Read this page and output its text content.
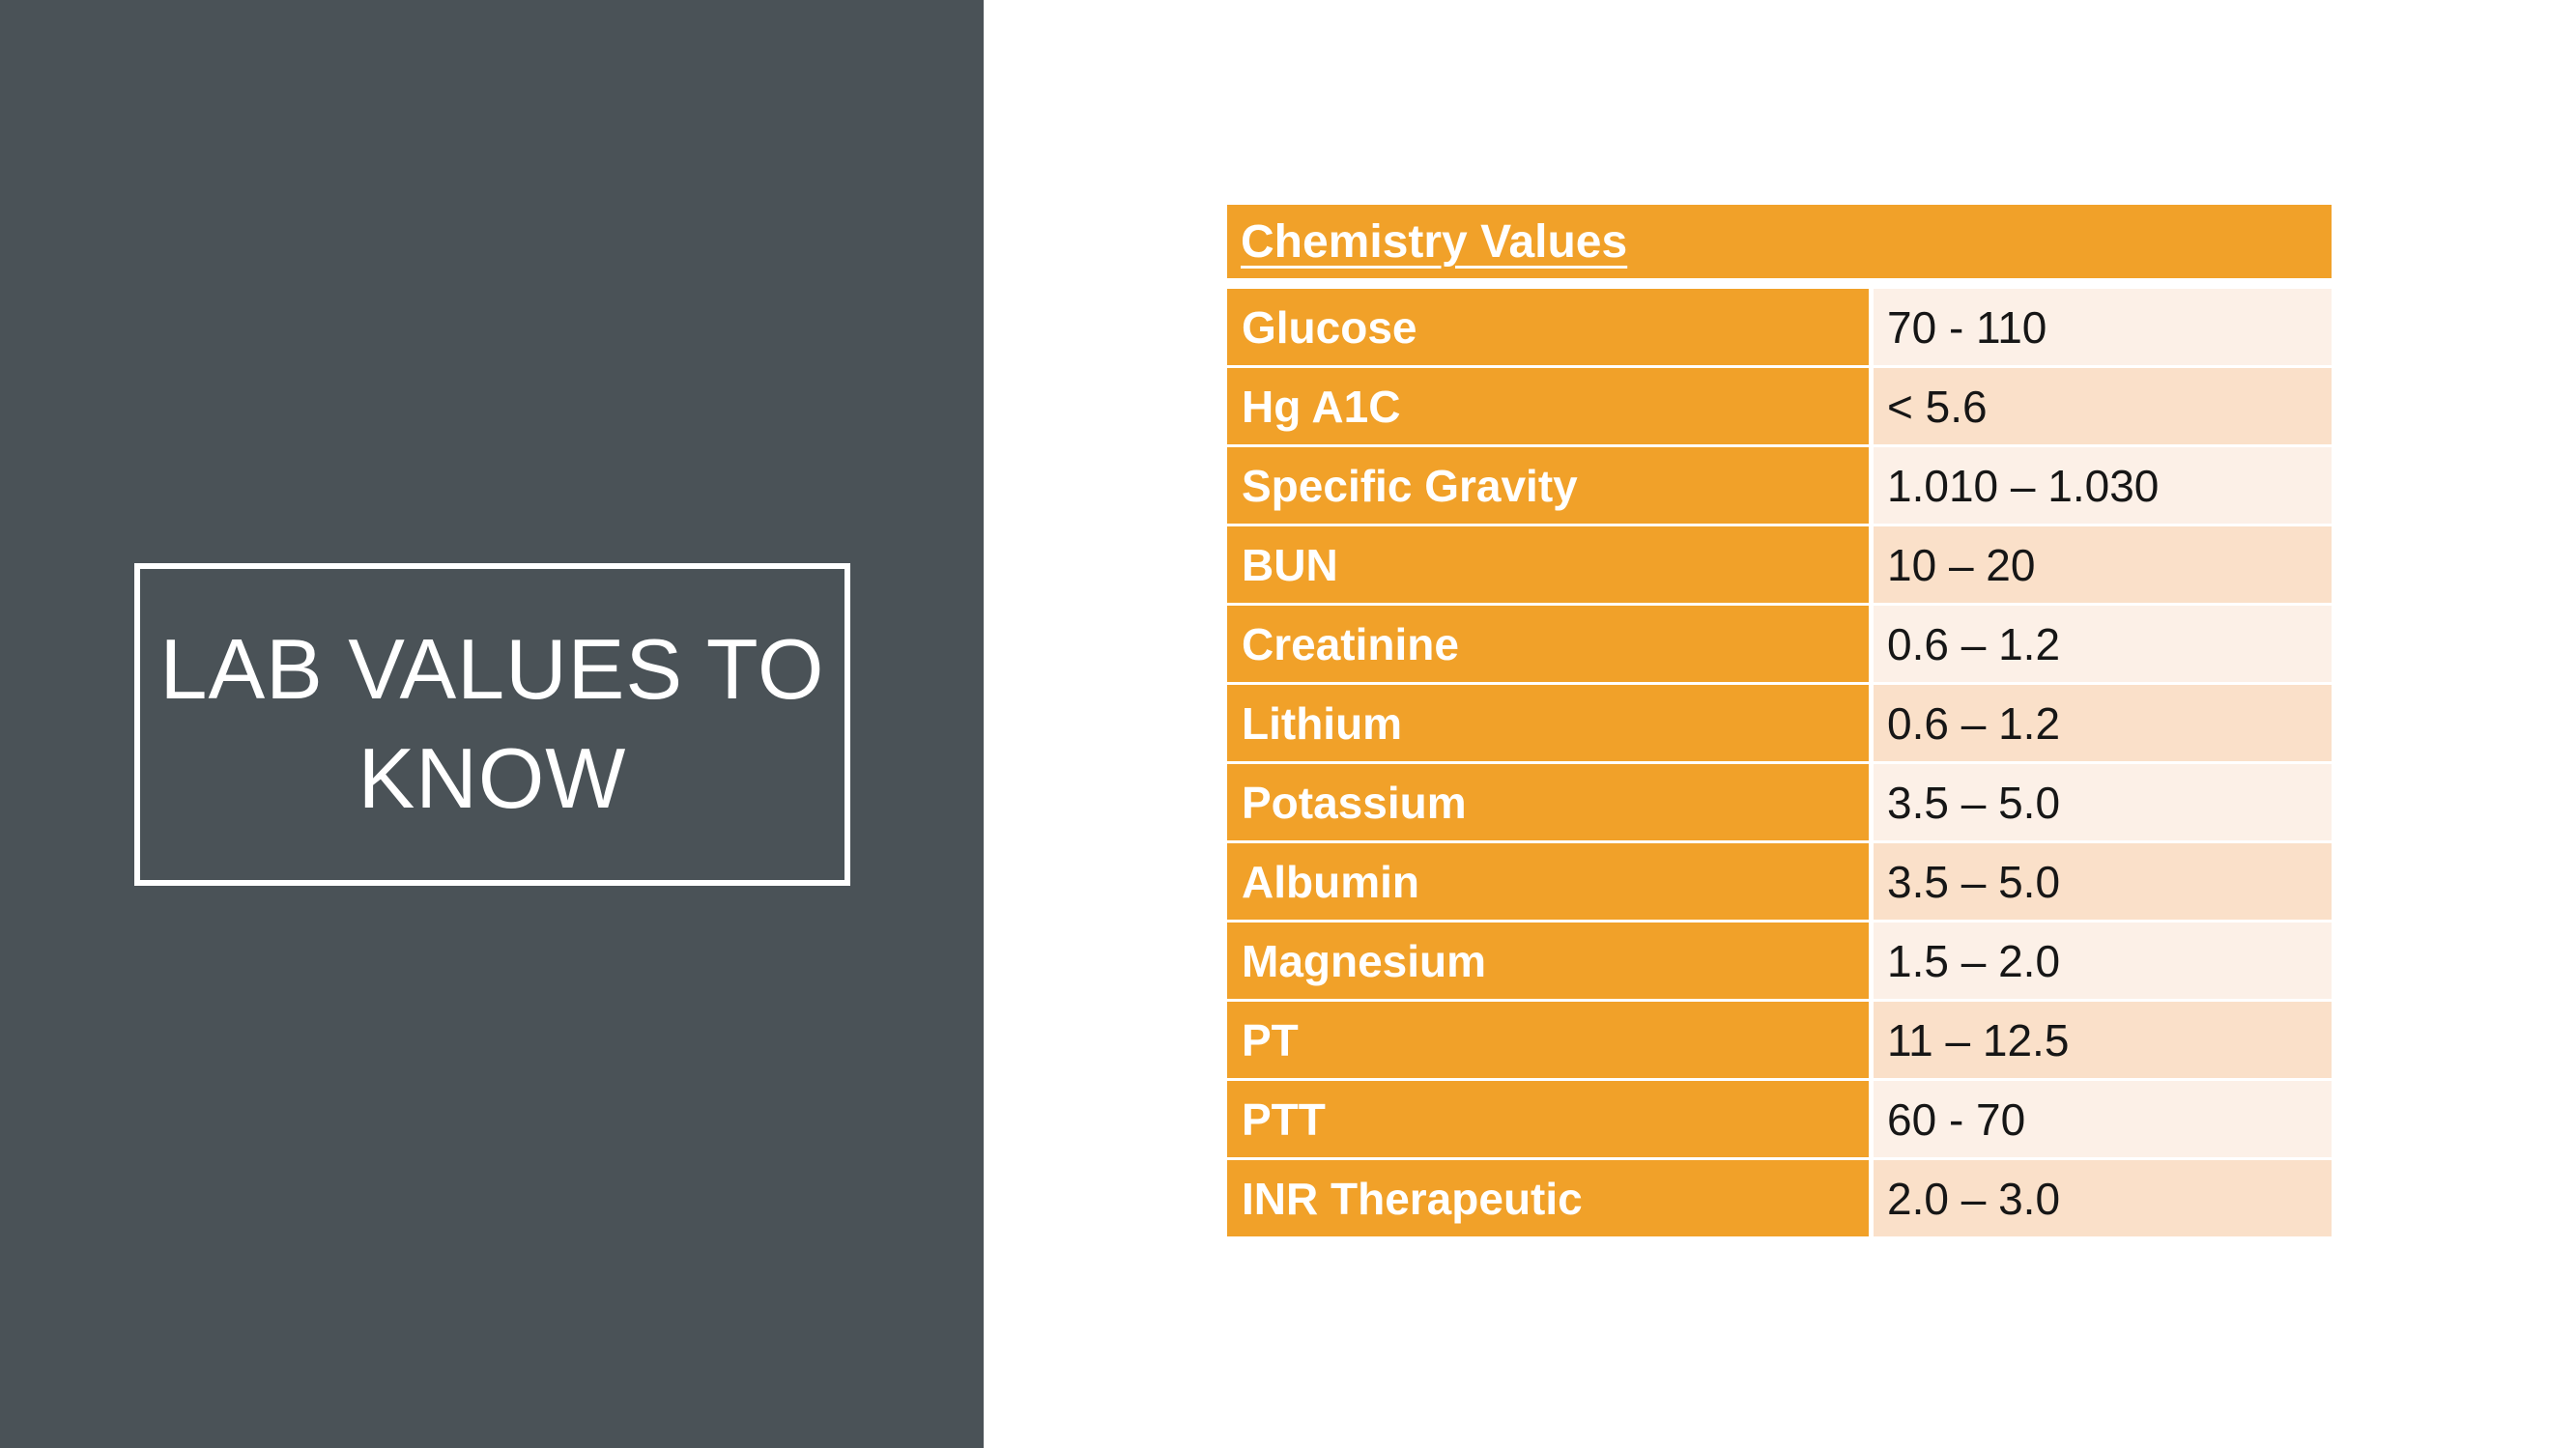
LAB VALUES TO
KNOW
Chemistry Values
Glucose	70 - 110
Hg A1C	< 5.6
Specific Gravity	1.010 – 1.030
BUN	10 – 20
Creatinine	0.6 – 1.2
Lithium	0.6 – 1.2
Potassium	3.5 – 5.0
Albumin	3.5 – 5.0
Magnesium	1.5 – 2.0
PT	11 – 12.5
PTT	60 - 70
INR Therapeutic	2.0 – 3.0
